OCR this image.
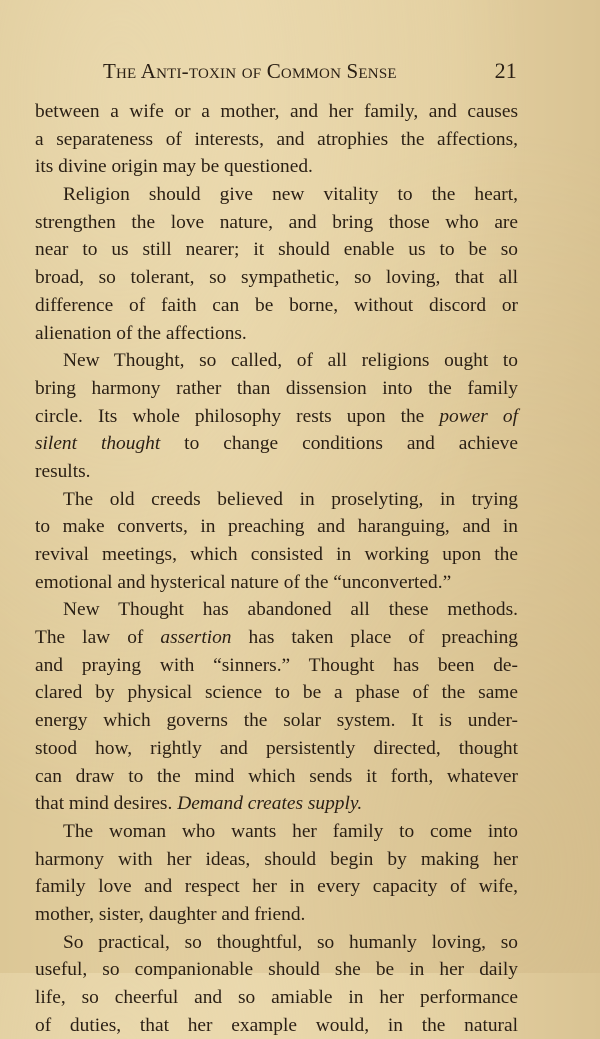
The Anti-toxin of Common Sense	21
between a wife or a mother, and her family, and causes
a separateness of interests, and atrophies the affections,
its divine origin may be questioned.
Religion should give new vitality to the heart,
strengthen the love nature, and bring those who are
near to us still nearer; it should enable us to be so
broad, so tolerant, so sympathetic, so loving, that all
difference of faith can be borne, without discord or
alienation of the affections.
New Thought, so called, of all religions ought to
bring harmony rather than dissension into the family
circle. Its whole philosophy rests upon the power of
silent thought to change conditions and achieve
results.
The old creeds believed in proselyting, in trying
to make converts, in preaching and haranguing, and in
revival meetings, which consisted in working upon the
emotional and hysterical nature of the “unconverted.”
New Thought has abandoned all these methods.
The law of assertion has taken place of preaching
and praying with “sinners.” Thought has been de-
clared by physical science to be a phase of the same
energy which governs the solar system. It is under-
stood how, rightly and persistently directed, thought
can draw to the mind which sends it forth, whatever
that mind desires. Demand creates supply.
The woman who wants her family to come into
harmony with her ideas, should begin by making her
family love and respect her in every capacity of wife,
mother, sister, daughter and friend.
So practical, so thoughtful, so humanly loving, so
useful, so companionable should she be in her daily
life, so cheerful and so amiable in her performance
of duties, that her example would, in the natural
